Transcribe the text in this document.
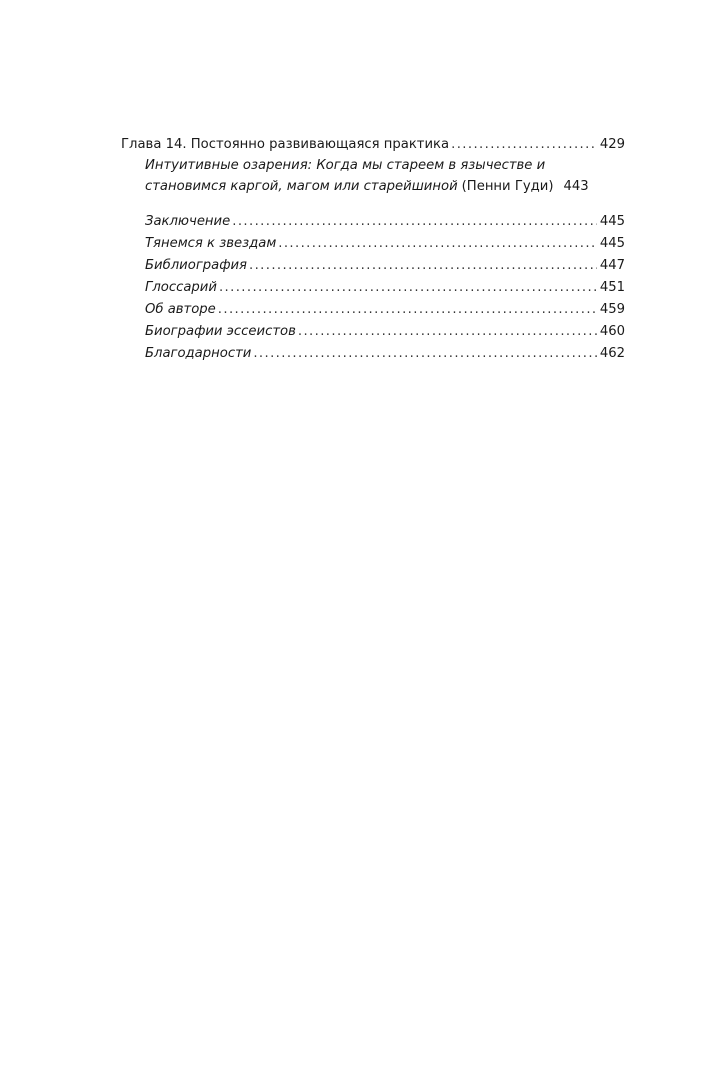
Глава 14. Постоянно развивающаяся практика . . .	429
Интуитивные озарения: Когда мы стареем в язычестве и
становимся каргой, магом или старейшиной (Пенни Гуди) 443
Заключение . . .	445
Тянемся к звездам . . .	445
Библиография . . .	447
Глоссарий . . .	451
Об авторе . . .	459
Биографии эссеистов . . .	460
Благодарности . . .	462
